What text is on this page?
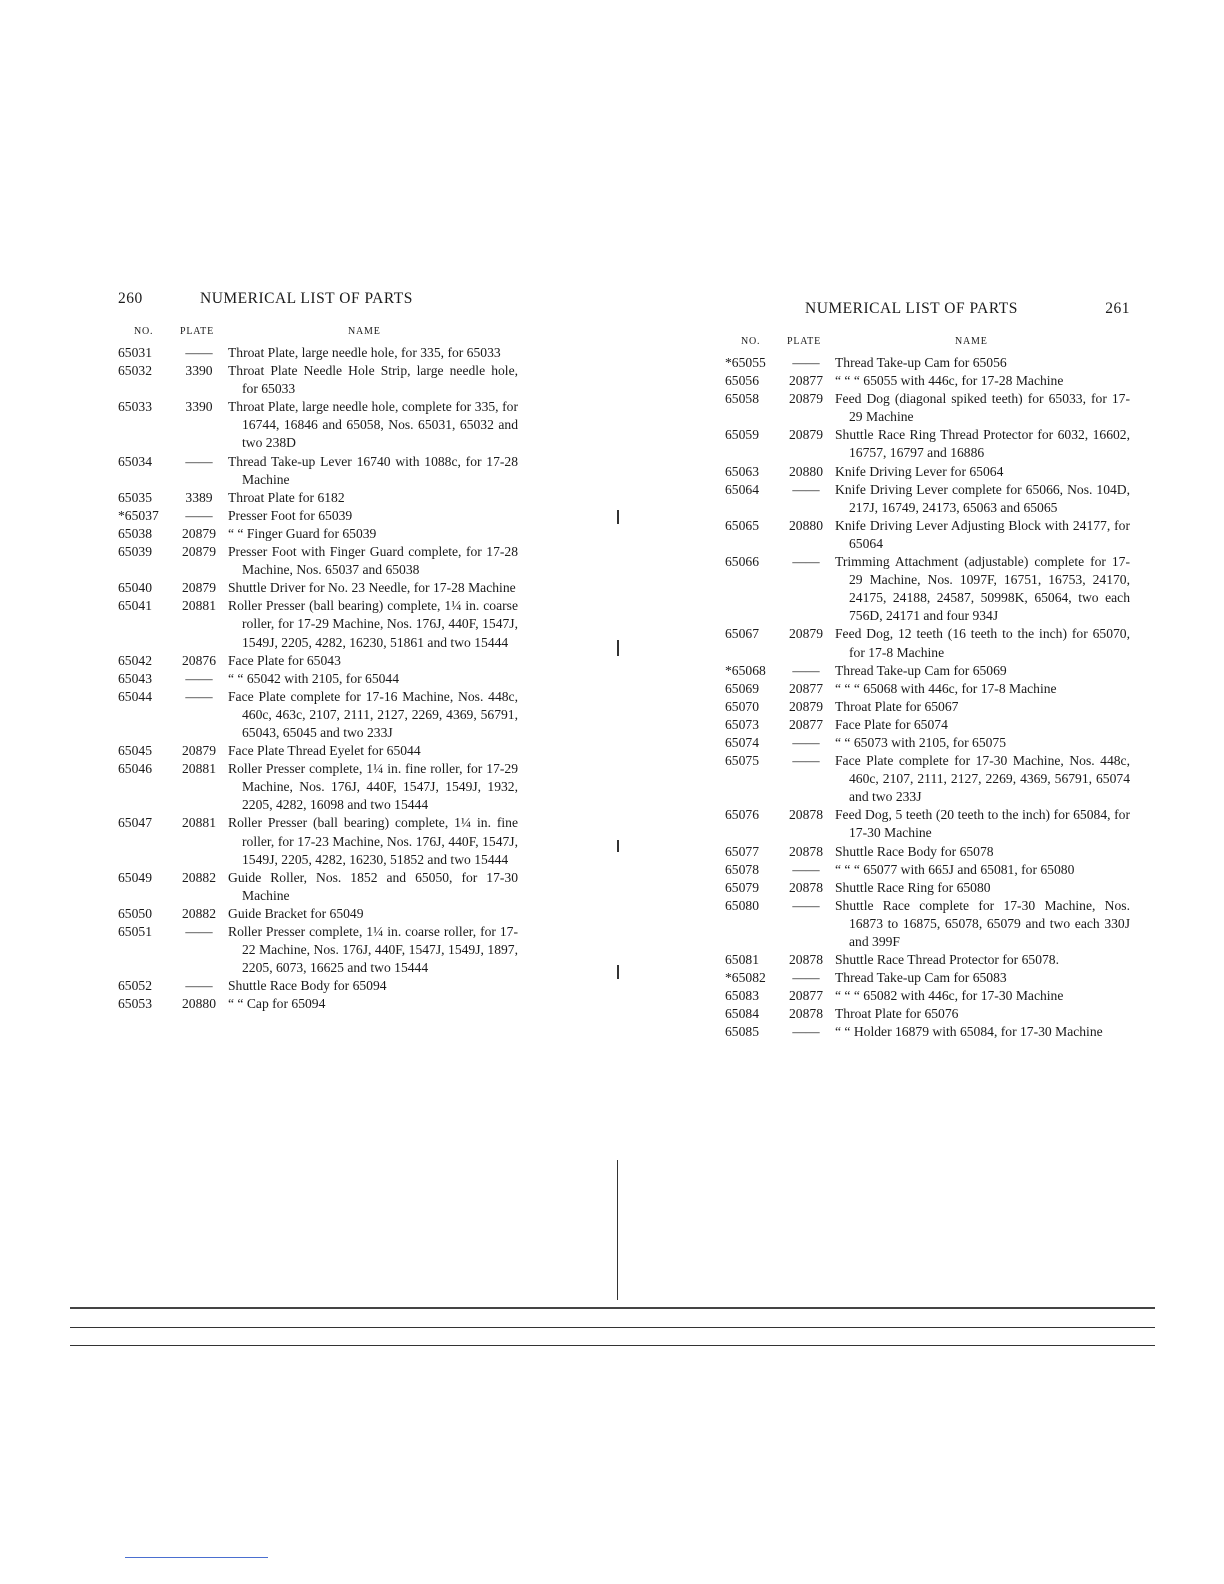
260	NUMERICAL LIST OF PARTS
NO.	PLATE	NAME
65031	——	Throat Plate, large needle hole, for 335, for 65033
65032	3390	Throat Plate Needle Hole Strip, large needle hole, for 65033
65033	3390	Throat Plate, large needle hole, complete for 335, for 16744, 16846 and 65058, Nos. 65031, 65032 and two 238D
65034	——	Thread Take-up Lever 16740 with 1088c, for 17-28 Machine
65035	3389	Throat Plate for 6182
*65037	——	Presser Foot for 65039
65038	20879 “ “ Finger Guard for 65039
65039	20879 Presser Foot with Finger Guard complete, for 17-28 Machine, Nos. 65037 and 65038
65040	20879 Shuttle Driver for No. 23 Needle, for 17-28 Machine
65041	20881 Roller Presser (ball bearing) complete, 1¼ in. coarse roller, for 17-29 Machine, Nos. 176J, 440F, 1547J, 1549J, 2205, 4282, 16230, 51861 and two 15444
65042	20876 Face Plate for 65043
65043	——	“ “ 65042 with 2105, for 65044
65044	——	Face Plate complete for 17-16 Machine, Nos. 448c, 460c, 463c, 2107, 2111, 2127, 2269, 4369, 56791, 65043, 65045 and two 233J
65045	20879 Face Plate Thread Eyelet for 65044
65046	20881 Roller Presser complete, 1¼ in. fine roller, for 17-29 Machine, Nos. 176J, 440F, 1547J, 1549J, 1932, 2205, 4282, 16098 and two 15444
65047	20881 Roller Presser (ball bearing) complete, 1¼ in. fine roller, for 17-23 Machine, Nos. 176J, 440F, 1547J, 1549J, 2205, 4282, 16230, 51852 and two 15444
65049	20882 Guide Roller, Nos. 1852 and 65050, for 17-30 Machine
65050	20882 Guide Bracket for 65049
65051	——	Roller Presser complete, 1¼ in. coarse roller, for 17-22 Machine, Nos. 176J, 440F, 1547J, 1549J, 1897, 2205, 6073, 16625 and two 15444
65052	——	Shuttle Race Body for 65094
65053	20880 “ “ Cap for 65094
NUMERICAL LIST OF PARTS	261
NO.	PLATE	NAME
*65055	——	Thread Take-up Cam for 65056
65056	20877 “ “ “ 65055 with 446c, for 17-28 Machine
65058	20879 Feed Dog (diagonal spiked teeth) for 65033, for 17-29 Machine
65059	20879 Shuttle Race Ring Thread Protector for 6032, 16602, 16757, 16797 and 16886
65063	20880 Knife Driving Lever for 65064
65064	——	Knife Driving Lever complete for 65066, Nos. 104D, 217J, 16749, 24173, 65063 and 65065
65065	20880 Knife Driving Lever Adjusting Block with 24177, for 65064
65066	——	Trimming Attachment (adjustable) complete for 17-29 Machine, Nos. 1097F, 16751, 16753, 24170, 24175, 24188, 24587, 50998K, 65064, two each 756D, 24171 and four 934J
65067	20879 Feed Dog, 12 teeth (16 teeth to the inch) for 65070, for 17-8 Machine
*65068	——	Thread Take-up Cam for 65069
65069	20877 “ “ “ 65068 with 446c, for 17-8 Machine
65070	20879 Throat Plate for 65067
65073	20877 Face Plate for 65074
65074	——	“ “ 65073 with 2105, for 65075
65075	——	Face Plate complete for 17-30 Machine, Nos. 448c, 460c, 2107, 2111, 2127, 2269, 4369, 56791, 65074 and two 233J
65076	20878 Feed Dog, 5 teeth (20 teeth to the inch) for 65084, for 17-30 Machine
65077	20878 Shuttle Race Body for 65078
65078	——	“ “ “ 65077 with 665J and 65081, for 65080
65079	20878 Shuttle Race Ring for 65080
65080	——	Shuttle Race complete for 17-30 Machine, Nos. 16873 to 16875, 65078, 65079 and two each 330J and 399F
65081	20878 Shuttle Race Thread Protector for 65078.
*65082	——	Thread Take-up Cam for 65083
65083	20877 “ “ “ 65082 with 446c, for 17-30 Machine
65084	20878 Throat Plate for 65076
65085	——	“ “ Holder 16879 with 65084, for 17-30 Machine
